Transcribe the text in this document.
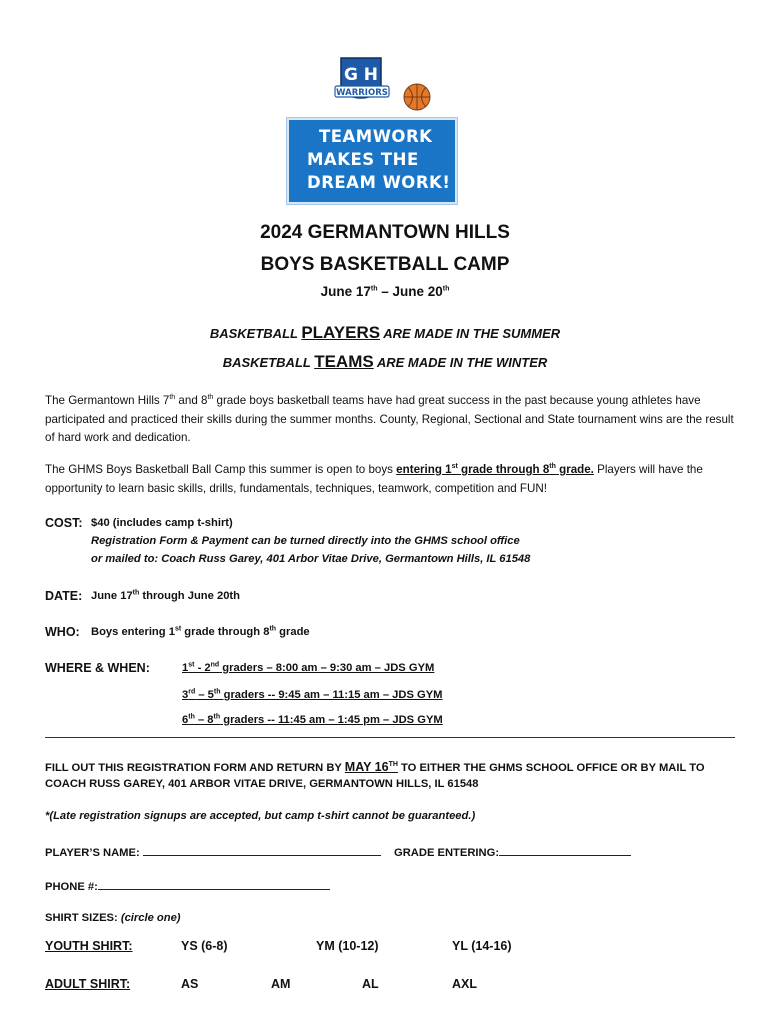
G H
WARRIORS
TEAMWORK
MAKES THE
DREAM WORK!
2024 GERMANTOWN HILLS
BOYS BASKETBALL CAMP
June 17th – June 20th
BASKETBALL PLAYERS ARE MADE IN THE SUMMER
BASKETBALL TEAMS ARE MADE IN THE WINTER
The Germantown Hills 7th and 8th grade boys basketball teams have had great success in the past because young athletes have participated and practiced their skills during the summer months. County, Regional, Sectional and State tournament wins are the result of hard work and dedication.
The GHMS Boys Basketball Ball Camp this summer is open to boys entering 1st grade through 8th grade. Players will have the opportunity to learn basic skills, drills, fundamentals, techniques, teamwork, competition and FUN!
COST: $40 (includes camp t-shirt)
Registration Form & Payment can be turned directly into the GHMS school office
or mailed to: Coach Russ Garey, 401 Arbor Vitae Drive, Germantown Hills, IL 61548
DATE: June 17th through June 20th
WHO: Boys entering 1st grade through 8th grade
WHERE & WHEN:	1st - 2nd graders – 8:00 am – 9:30 am – JDS GYM
3rd – 5th graders -- 9:45 am – 11:15 am – JDS GYM
6th – 8th graders -- 11:45 am – 1:45 pm – JDS GYM
FILL OUT THIS REGISTRATION FORM AND RETURN BY MAY 16TH TO EITHER THE GHMS SCHOOL OFFICE OR BY MAIL TO
COACH RUSS GAREY, 401 ARBOR VITAE DRIVE, GERMANTOWN HILLS, IL 61548
*(Late registration signups are accepted, but camp t-shirt cannot be guaranteed.)
PLAYER’S NAME:	GRADE ENTERING:
PHONE #:
SHIRT SIZES: (circle one)
YOUTH SHIRT:	YS (6-8)	YM (10-12)	YL (14-16)
ADULT SHIRT:	AS	AM	AL	AXL
